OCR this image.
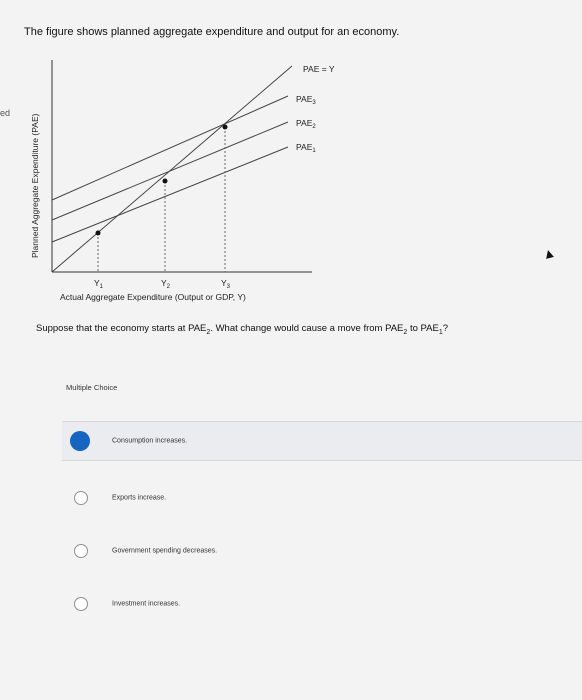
ed
The figure shows planned aggregate expenditure and output for an economy.
Planned Aggregate Expenditure (PAE)
PAE = Y
$PAE_3$
$PAE_2$
$PAE_1$
$Y_1$	$Y_2$	$Y_3$
Actual Aggregate Expenditure (Output or GDP, Y)
Suppose that the economy starts at $PAE_2$. What change would cause a move from $PAE_2$ to $PAE_1$?
Multiple Choice
Consumption increases.
Exports increase.
Government spending decreases.
Investment increases.
